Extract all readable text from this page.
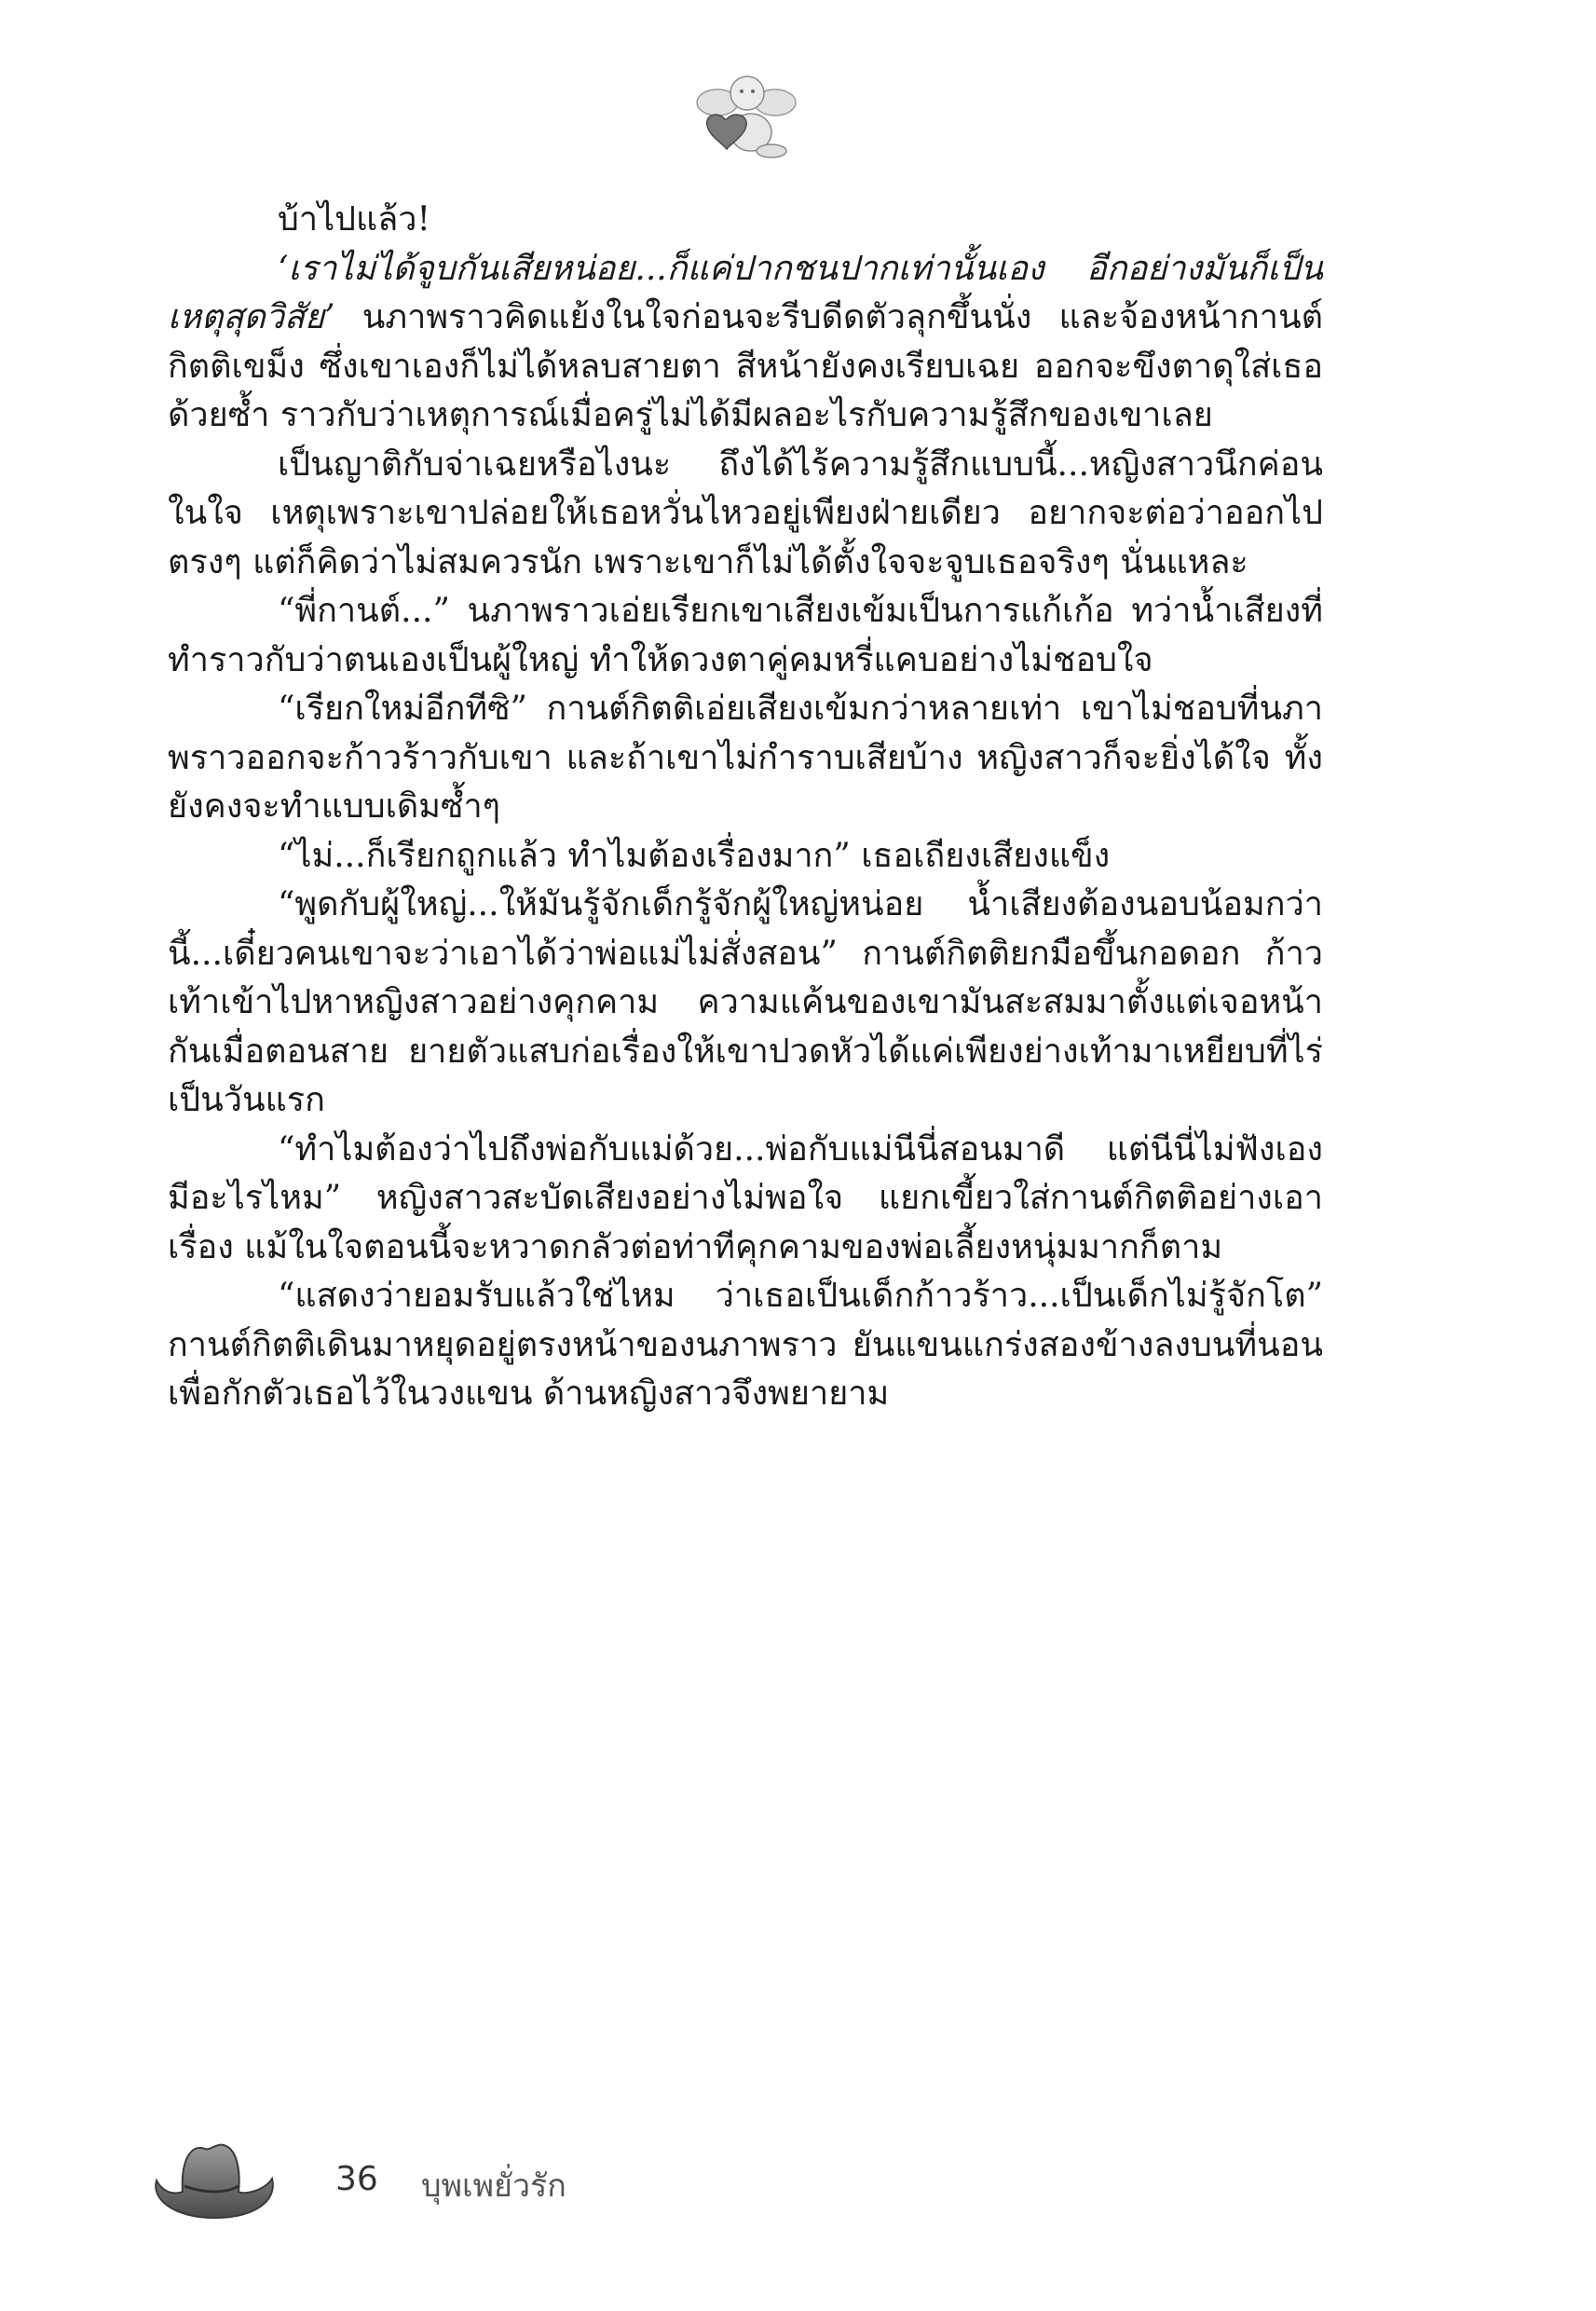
บ้าไปแล้ว!

‘เราไม่ได้จูบกันเสียหน่อย...ก็แค่ปากชนปากเท่านั้นเอง อีกอย่างมันก็เป็นเหตุสุดวิสัย’ นภาพราวคิดแย้งในใจก่อนจะรีบดีดตัวลุกขึ้นนั่ง และจ้องหน้ากานต์กิตติเขม็ง ซึ่งเขาเองก็ไม่ได้หลบสายตา สีหน้ายังคงเรียบเฉย ออกจะขึงตาดุใส่เธอด้วยซ้ำ ราวกับว่าเหตุการณ์เมื่อครู่ไม่ได้มีผลอะไรกับความรู้สึกของเขาเลย

เป็นญาติกับจ่าเฉยหรือไงนะ ถึงได้ไร้ความรู้สึกแบบนี้...หญิงสาวนึกค่อนในใจ เหตุเพราะเขาปล่อยให้เธอหวั่นไหวอยู่เพียงฝ่ายเดียว อยากจะต่อว่าออกไปตรงๆ แต่ก็คิดว่าไม่สมควรนัก เพราะเขาก็ไม่ได้ตั้งใจจะจูบเธอจริงๆ นั่นแหละ

“พี่กานต์...” นภาพราวเอ่ยเรียกเขาเสียงเข้มเป็นการแก้เก้อ ทว่าน้ำเสียงที่ทำราวกับว่าตนเองเป็นผู้ใหญ่ ทำให้ดวงตาคู่คมหรี่แคบอย่างไม่ชอบใจ

“เรียกใหม่อีกทีซิ” กานต์กิตติเอ่ยเสียงเข้มกว่าหลายเท่า เขาไม่ชอบที่นภาพราวออกจะก้าวร้าวกับเขา และถ้าเขาไม่กำราบเสียบ้าง หญิงสาวก็จะยิ่งได้ใจ ทั้งยังคงจะทำแบบเดิมซ้ำๆ

“ไม่...ก็เรียกถูกแล้ว ทำไมต้องเรื่องมาก” เธอเถียงเสียงแข็ง

“พูดกับผู้ใหญ่...ให้มันรู้จักเด็กรู้จักผู้ใหญ่หน่อย น้ำเสียงต้องนอบน้อมกว่านี้...เดี๋ยวคนเขาจะว่าเอาได้ว่าพ่อแม่ไม่สั่งสอน” กานต์กิตติยกมือขึ้นกอดอก ก้าวเท้าเข้าไปหาหญิงสาวอย่างคุกคาม ความแค้นของเขามันสะสมมาตั้งแต่เจอหน้ากันเมื่อตอนสาย ยายตัวแสบก่อเรื่องให้เขาปวดหัวได้แค่เพียงย่างเท้ามาเหยียบที่ไร่เป็นวันแรก

“ทำไมต้องว่าไปถึงพ่อกับแม่ด้วย...พ่อกับแม่นีนี่สอนมาดี แต่นีนี่ไม่ฟังเอง มีอะไรไหม” หญิงสาวสะบัดเสียงอย่างไม่พอใจ แยกเขี้ยวใส่กานต์กิตติอย่างเอาเรื่อง แม้ในใจตอนนี้จะหวาดกลัวต่อท่าทีคุกคามของพ่อเลี้ยงหนุ่มมากก็ตาม

“แสดงว่ายอมรับแล้วใช่ไหม ว่าเธอเป็นเด็กก้าวร้าว...เป็นเด็กไม่รู้จักโต” กานต์กิตติเดินมาหยุดอยู่ตรงหน้าของนภาพราว ยันแขนแกร่งสองข้างลงบนที่นอนเพื่อกักตัวเธอไว้ในวงแขน ด้านหญิงสาวจึงพยายาม

36 บุพเพยั่วรัก
